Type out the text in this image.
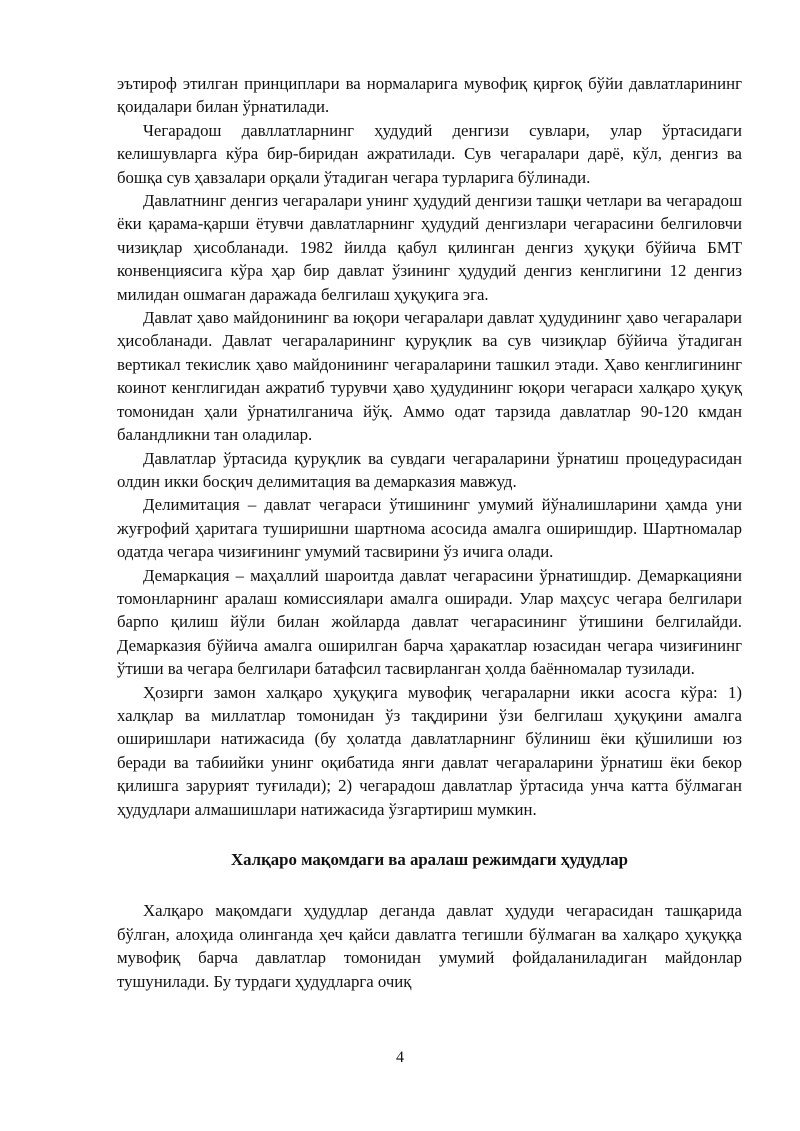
эътироф этилган принциплари ва нормаларига мувофиқ қирғоқ бўйи давлатларининг қоидалари билан ўрнатилади.

Чегарадош давллатларнинг ҳудудий денгизи сувлари, улар ўртасидаги келишувларга кўра бир-биридан ажратилади. Сув чегаралари дарё, кўл, денгиз ва бошқа сув ҳавзалари орқали ўтадиган чегара турларига бўлинади.

Давлатнинг денгиз чегаралари унинг ҳудудий денгизи ташқи четлари ва чегарадош ёки қарама-қарши ётувчи давлатларнинг ҳудудий денгизлари чегарасини белгиловчи чизиқлар ҳисобланади. 1982 йилда қабул қилинган денгиз ҳуқуқи бўйича БМТ конвенциясига кўра ҳар бир давлат ўзининг ҳудудий денгиз кенглигини 12 денгиз милидан ошмаган даражада белгилаш ҳуқуқига эга.

Давлат ҳаво майдонининг ва юқори чегаралари давлат ҳудудининг ҳаво чегаралари ҳисобланади. Давлат чегараларининг қуруқлик ва сув чизиқлар бўйича ўтадиган вертикал текислик ҳаво майдонининг чегараларини ташкил этади. Ҳаво кенглигининг коинот кенглигидан ажратиб турувчи ҳаво ҳудудининг юқори чегараси халқаро ҳуқуқ томонидан ҳали ўрнатилганича йўқ. Аммо одат тарзида давлатлар 90-120 кмдан баландликни тан оладилар.

Давлатлар ўртасида қуруқлик ва сувдаги чегараларини ўрнатиш процедурасидан олдин икки босқич делимитация ва демарказия мавжуд.

Делимитация – давлат чегараси ўтишининг умумий йўналишларини ҳамда уни жуғрофий ҳаритага туширишни шартнома асосида амалга оширишдир. Шартномалар одатда чегара чизиғининг умумий тасвирини ўз ичига олади.

Демаркация – маҳаллий шароитда давлат чегарасини ўрнатишдир. Демаркацияни томонларнинг аралаш комиссиялари амалга оширади. Улар маҳсус чегара белгилари барпо қилиш йўли билан жойларда давлат чегарасининг ўтишини белгилайди. Демарказия бўйича амалга оширилган барча ҳаракатлар юзасидан чегара чизиғининг ўтиши ва чегара белгилари батафсил тасвирланган ҳолда баённомалар тузилади.

Ҳозирги замон халқаро ҳуқуқига мувофиқ чегараларни икки асосга кўра: 1) халқлар ва миллатлар томонидан ўз тақдирини ўзи белгилаш ҳуқуқини амалга оширишлари натижасида (бу ҳолатда давлатларнинг бўлиниш ёки қўшилиши юз беради ва табиийки унинг оқибатида янги давлат чегараларини ўрнатиш ёки бекор қилишга зарурият туғилади); 2) чегарадош давлатлар ўртасида унча катта бўлмаган ҳудудлари алмашишлари натижасида ўзгартириш мумкин.

Халқаро мақомдаги ва аралаш режимдаги ҳудудлар

Халқаро мақомдаги ҳудудлар деганда давлат ҳудуди чегарасидан ташқарида бўлган, алоҳида олинганда ҳеч қайси давлатга тегишли бўлмаган ва халқаро ҳуқуққа мувофиқ барча давлатлар томонидан умумий фойдаланиладиган майдонлар тушунилади. Бу турдаги ҳудудларга очиқ

4
